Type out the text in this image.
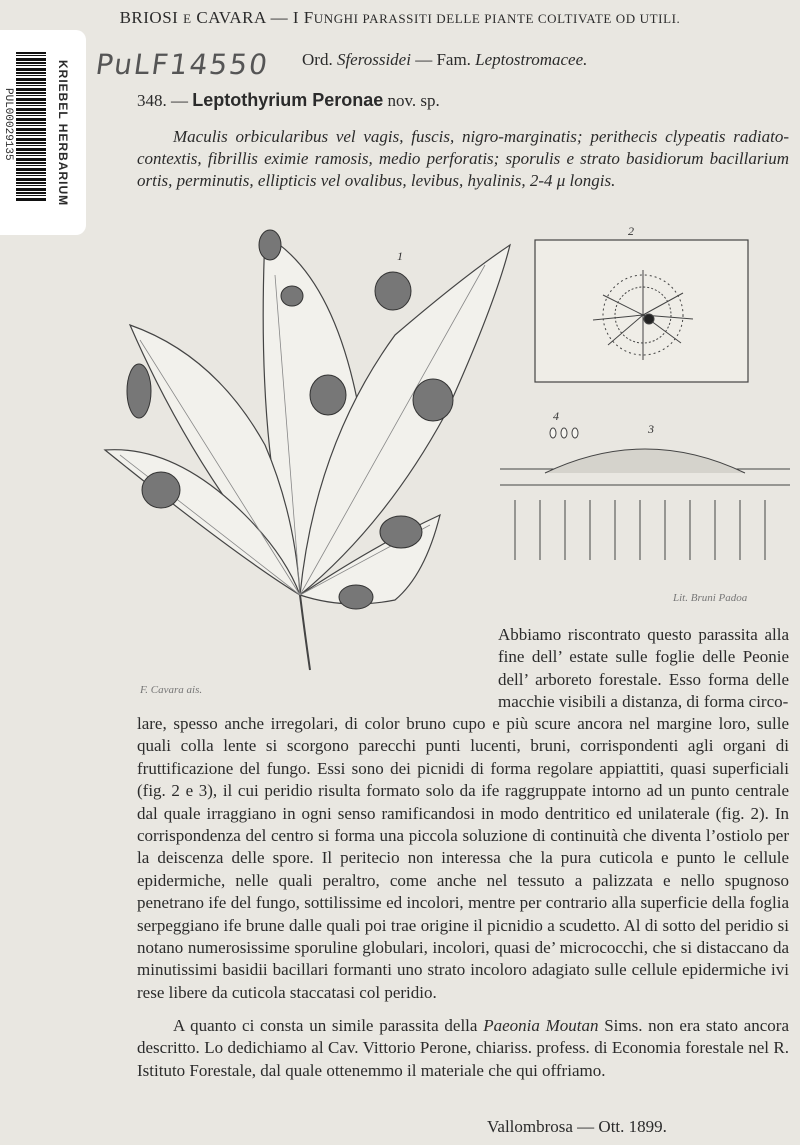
KRIEBEL HERBARIUM
PUL00029135
BRIOSI E CAVARA — I FUNGHI PARASSITI DELLE PIANTE COLTIVATE OD UTILI.
PuLF14550 Ord. Sferossidei — Fam. Leptostromacee.
348. — Leptothyrium Peronae nov. sp.
Maculis orbicularibus vel vagis, fuscis, nigro-marginatis; perithecis clypeatis radiato-contextis, fibrillis eximie ramosis, medio perforatis; sporulis e strato basidiorum bacillarium ortis, perminutis, ellipticis vel ovalibus, levibus, hyalinis, 2-4 μ longis.
1
2
3
4
F. Cavara ais.
Lit. Bruni Padoa
Abbiamo riscontrato questo parassita alla fine dell’ estate sulle foglie delle Peonie dell’ arboreto forestale. Esso forma delle macchie visibili a distanza, di forma circo-
lare, spesso anche irregolari, di color bruno cupo e più scure ancora nel margine loro, sulle quali colla lente si scorgono parecchi punti lucenti, bruni, corrispondenti agli organi di fruttificazione del fungo. Essi sono dei picnidi di forma regolare appiattiti, quasi superficiali (fig. 2 e 3), il cui peridio risulta formato solo da ife raggruppate intorno ad un punto centrale dal quale irraggiano in ogni senso ramificandosi in modo dentritico ed unilaterale (fig. 2). In corrispondenza del centro si forma una piccola soluzione di continuità che diventa l’ostiolo per la deiscenza delle spore. Il peritecio non interessa che la pura cuticola e punto le cellule epidermiche, nelle quali peraltro, come anche nel tessuto a palizzata e nello spugnoso penetrano ife del fungo, sottilissime ed incolori, mentre per contrario alla superficie della foglia serpeggiano ife brune dalle quali poi trae origine il picnidio a scudetto. Al di sotto del peridio si notano numerosissime sporuline globulari, incolori, quasi de’ micrococchi, che si distaccano da minutissimi basidii bacillari formanti uno strato incoloro adagiato sulle cellule epidermiche ivi rese libere da cuticola staccatasi col peridio.
A quanto ci consta un simile parassita della Paeonia Moutan Sims. non era stato ancora descritto. Lo dedichiamo al Cav. Vittorio Perone, chiariss. profess. di Economia forestale nel R. Istituto Forestale, dal quale ottenemmo il materiale che qui offriamo.
Vallombrosa — Ott. 1899.
